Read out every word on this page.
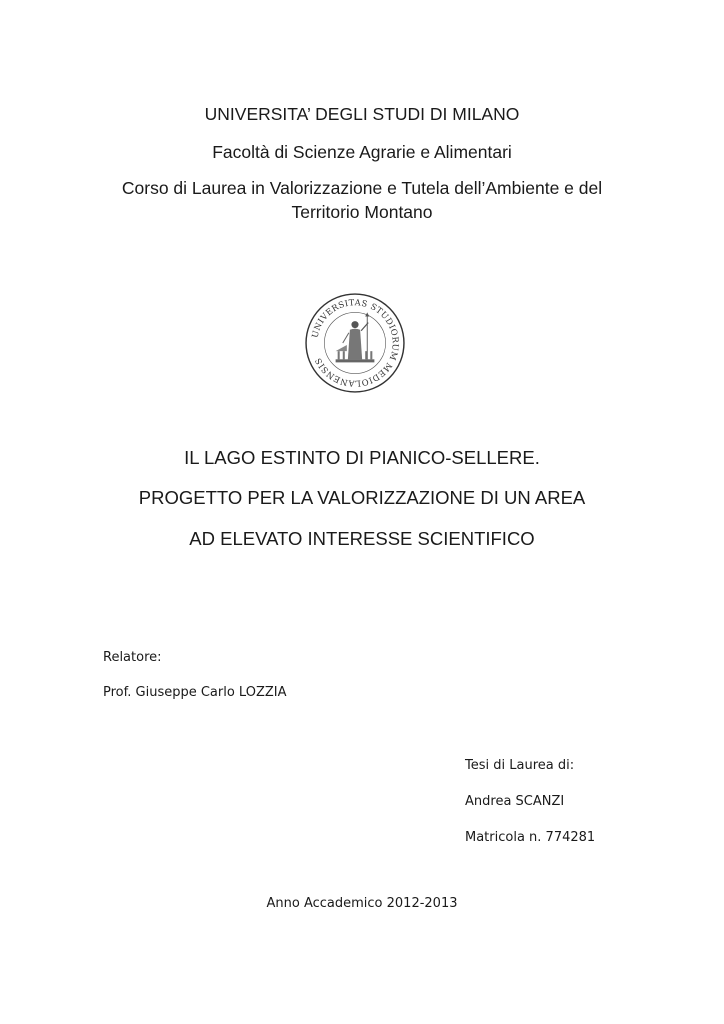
UNIVERSITA’ DEGLI STUDI DI MILANO
Facoltà di Scienze Agrarie e Alimentari
Corso di Laurea in Valorizzazione e Tutela dell’Ambiente e del
Territorio Montano
UNIVERSITAS STUDIORUM MEDIOLANENSIS
IL LAGO ESTINTO DI PIANICO-SELLERE.
PROGETTO PER LA VALORIZZAZIONE DI UN AREA
AD ELEVATO INTERESSE SCIENTIFICO
Relatore:
Prof. Giuseppe Carlo LOZZIA
Tesi di Laurea di:
Andrea SCANZI
Matricola n. 774281
Anno Accademico 2012-2013
